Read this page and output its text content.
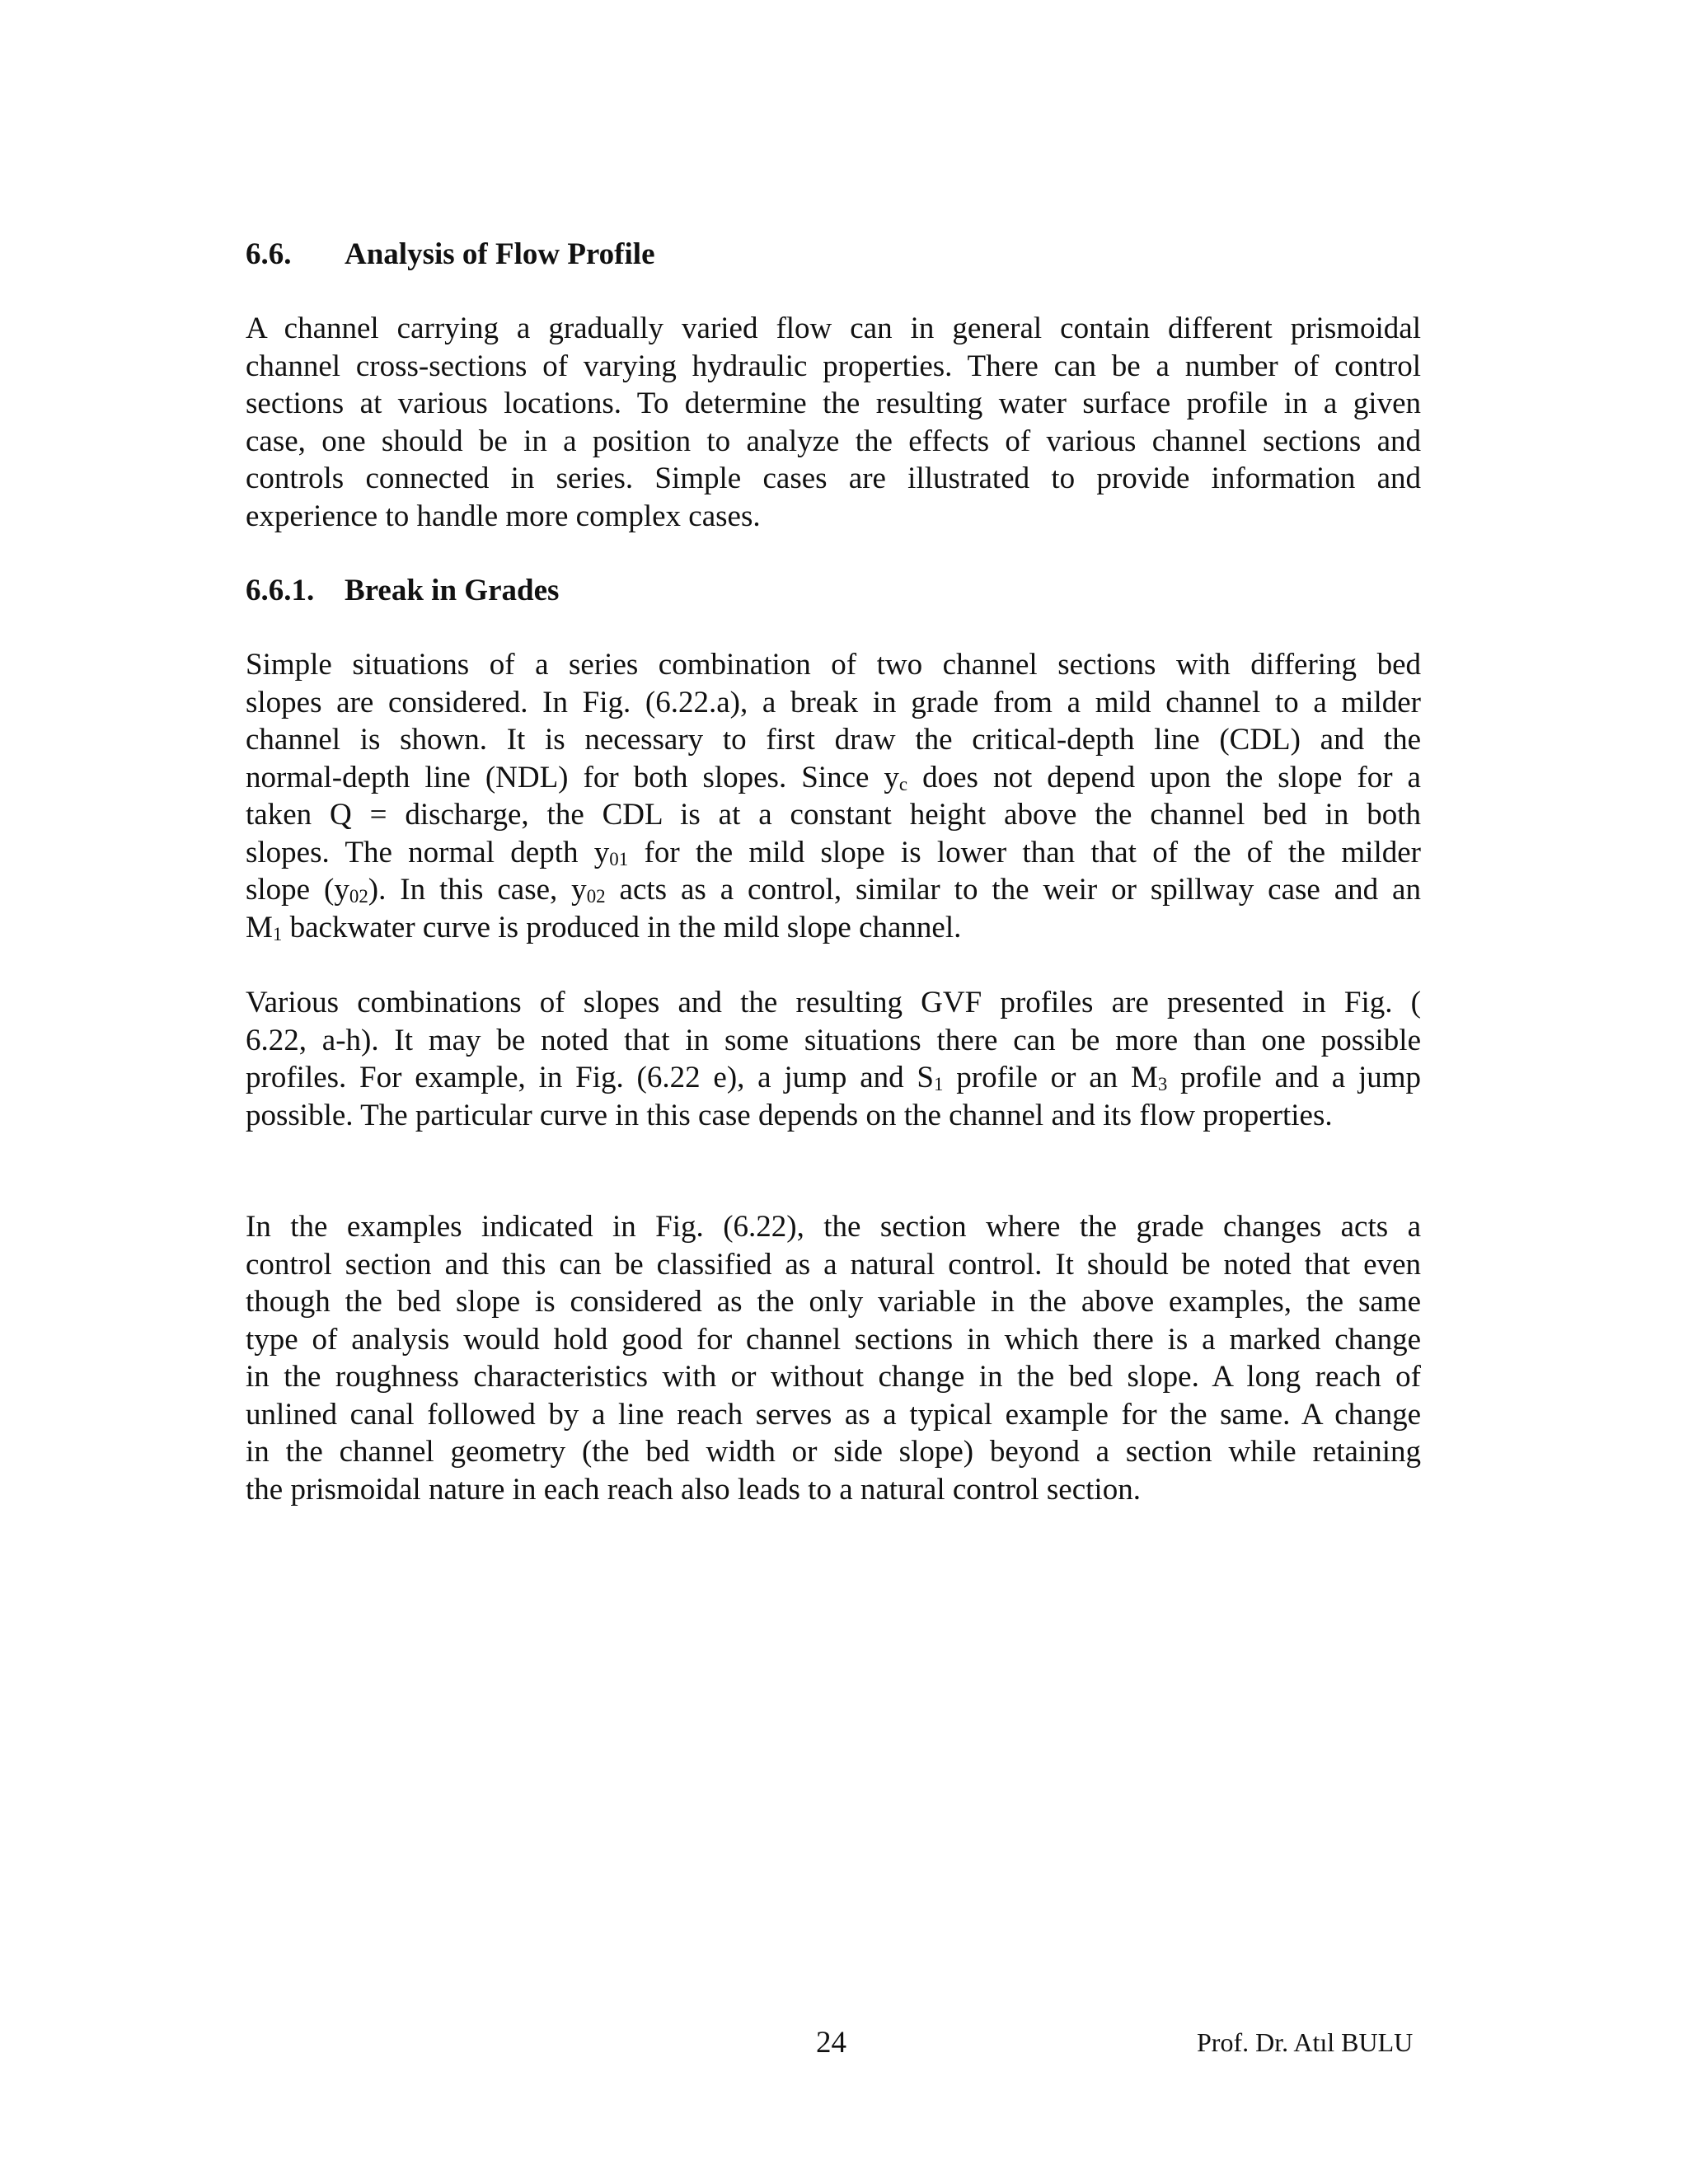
6.6. Analysis of Flow Profile
A channel carrying a gradually varied flow can in general contain different prismoidal
channel cross-sections of varying hydraulic properties. There can be a number of control
sections at various locations. To determine the resulting water surface profile in a given
case, one should be in a position to analyze the effects of various channel sections and
controls connected in series. Simple cases are illustrated to provide information and
experience to handle more complex cases.
6.6.1. Break in Grades
Simple situations of a series combination of two channel sections with differing bed
slopes are considered. In Fig. (6.22.a), a break in grade from a mild channel to a milder
channel is shown. It is necessary to first draw the critical-depth line (CDL) and the
normal-depth line (NDL) for both slopes. Since $y_c$ does not depend upon the slope for a
taken Q = discharge, the CDL is at a constant height above the channel bed in both
slopes. The normal depth $y_{01}$ for the mild slope is lower than that of the of the milder
slope $(y_{02})$. In this case, $y_{02}$ acts as a control, similar to the weir or spillway case and an
$M_1$ backwater curve is produced in the mild slope channel.
Various combinations of slopes and the resulting GVF profiles are presented in Fig. (
6.22, a-h). It may be noted that in some situations there can be more than one possible
profiles. For example, in Fig. (6.22 e), a jump and $S_1$ profile or an $M_3$ profile and a jump
possible. The particular curve in this case depends on the channel and its flow properties.
In the examples indicated in Fig. (6.22), the section where the grade changes acts a
control section and this can be classified as a natural control. It should be noted that even
though the bed slope is considered as the only variable in the above examples, the same
type of analysis would hold good for channel sections in which there is a marked change
in the roughness characteristics with or without change in the bed slope. A long reach of
unlined canal followed by a line reach serves as a typical example for the same. A change
in the channel geometry (the bed width or side slope) beyond a section while retaining
the prismoidal nature in each reach also leads to a natural control section.
24	Prof. Dr. Atıl BULU
